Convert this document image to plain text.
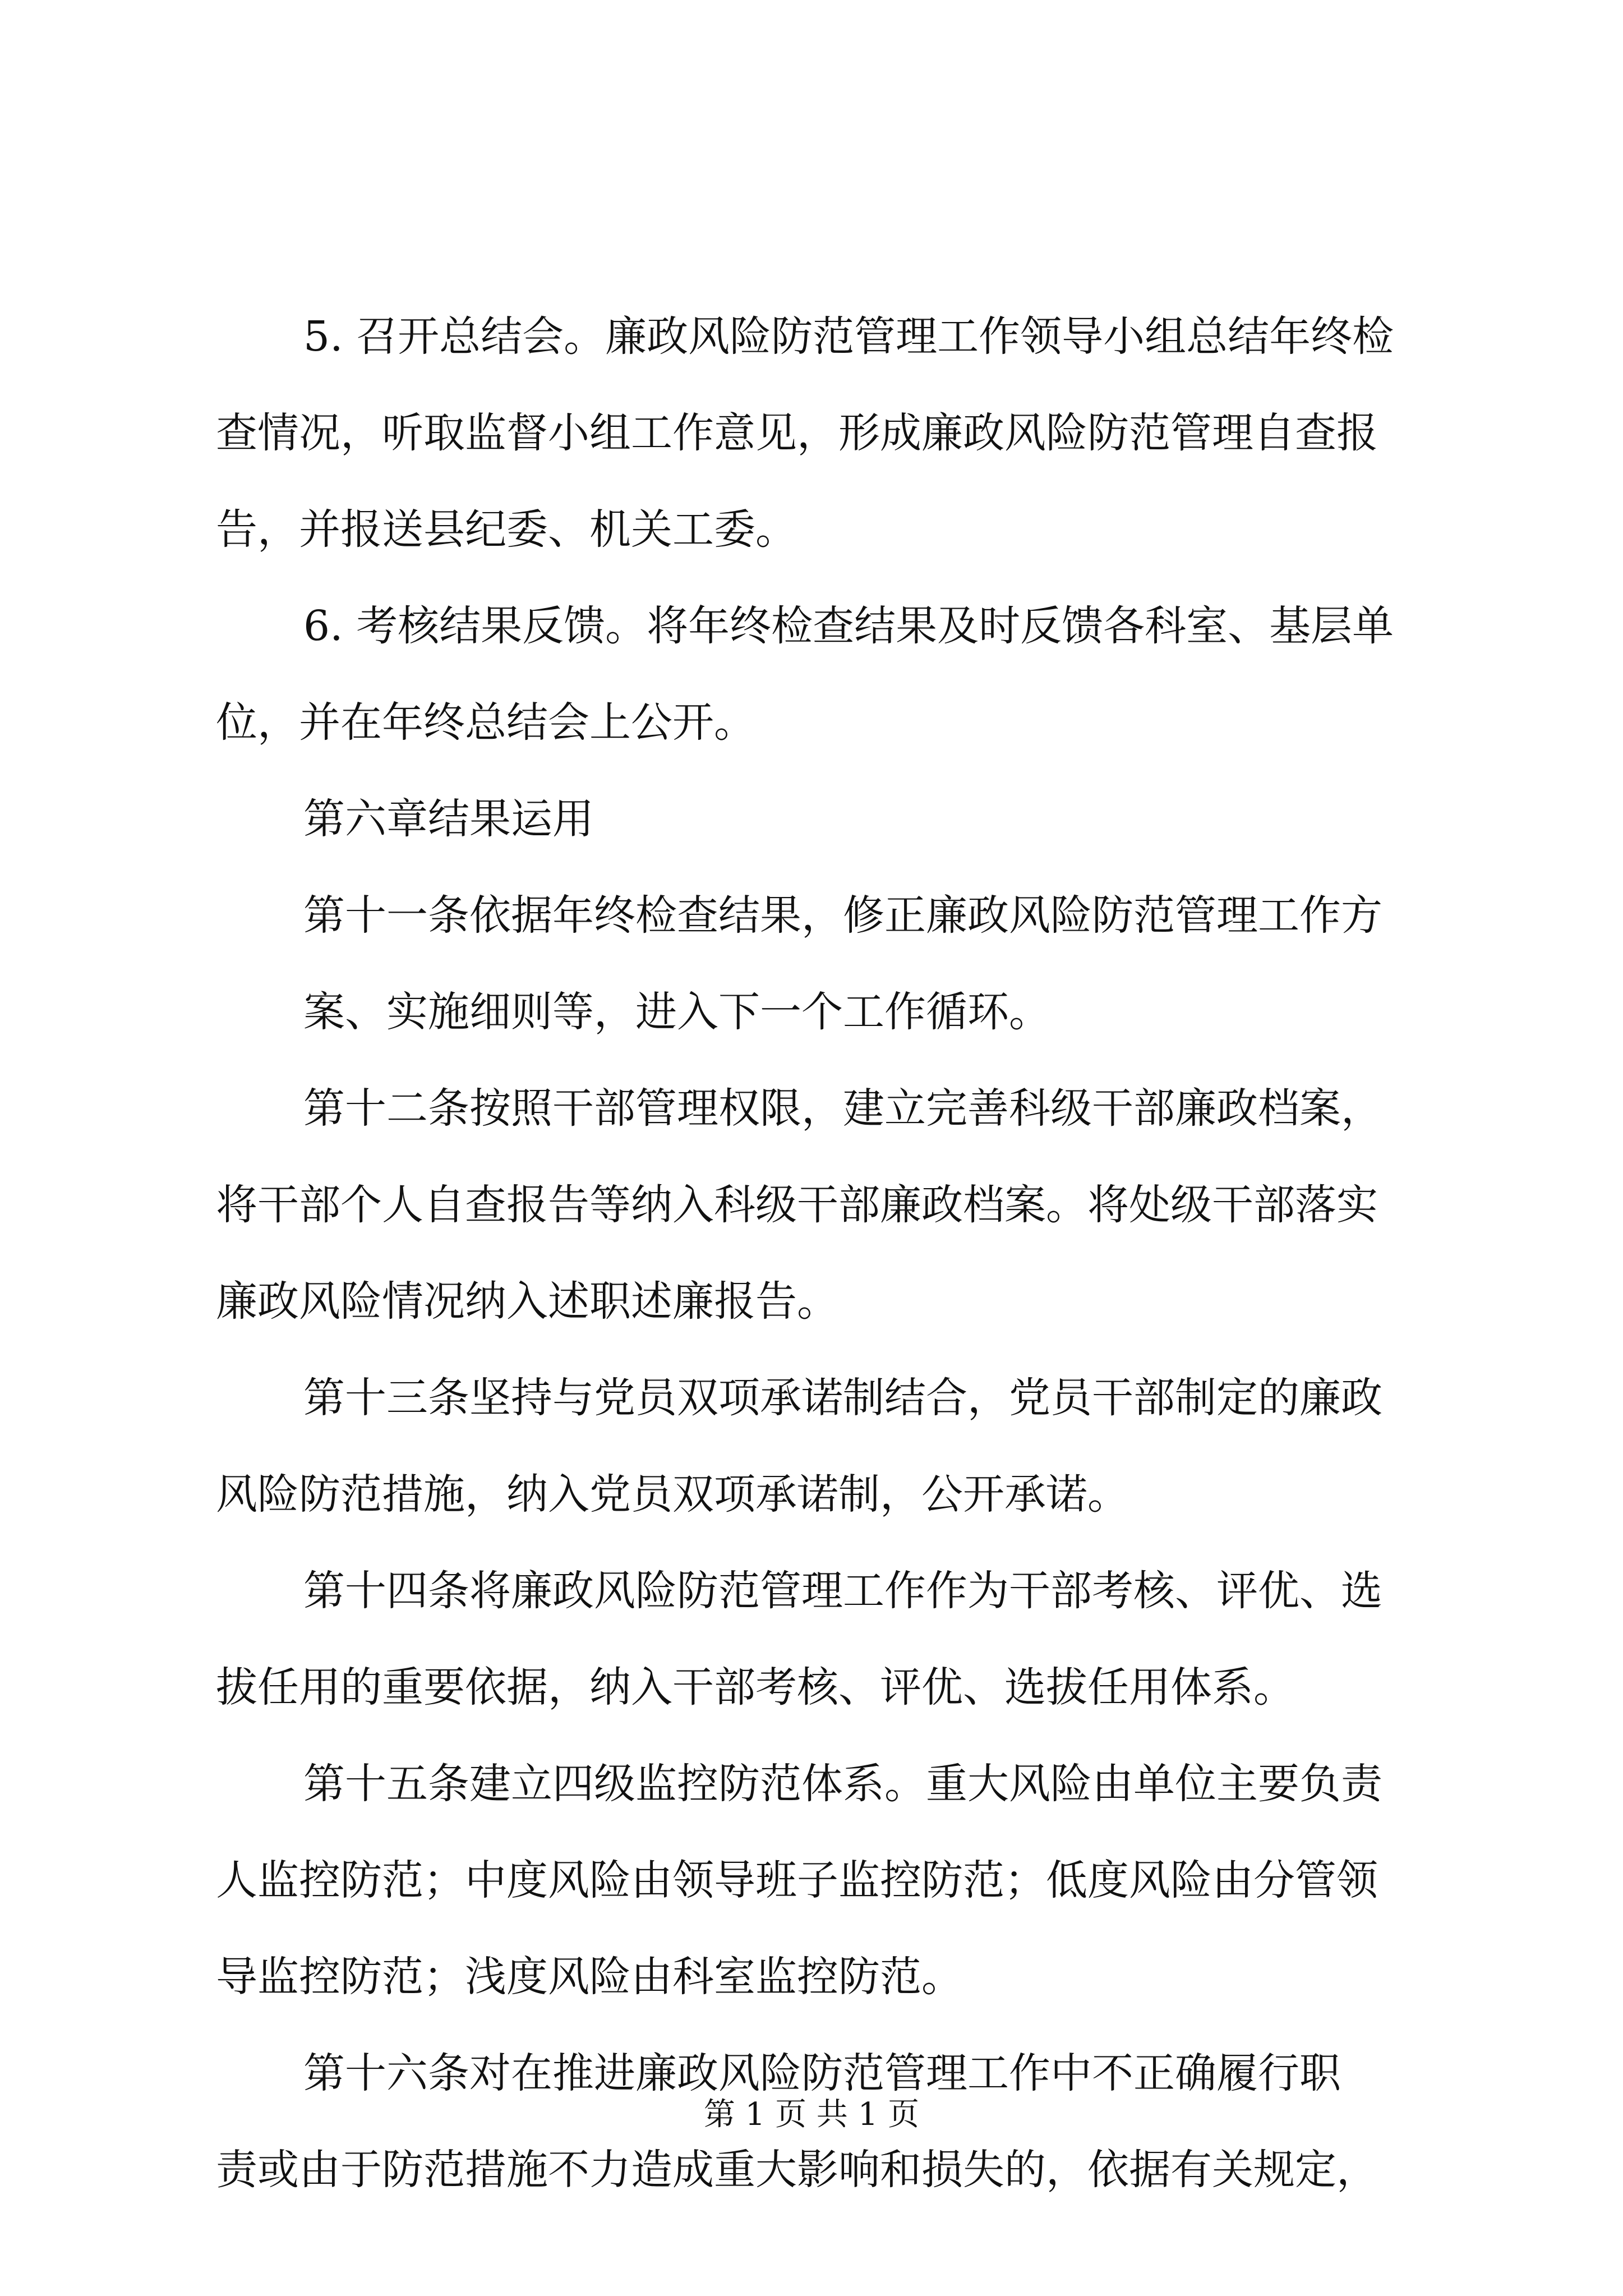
5. 召开总结会。廉政风险防范管理工作领导小组总结年终检
查情况，听取监督小组工作意见，形成廉政风险防范管理自查报
告，并报送县纪委、机关工委。
6. 考核结果反馈。将年终检查结果及时反馈各科室、基层单
位，并在年终总结会上公开。
第六章结果运用
第十一条依据年终检查结果，修正廉政风险防范管理工作方
案、实施细则等，进入下一个工作循环。
第十二条按照干部管理权限，建立完善科级干部廉政档案，
将干部个人自查报告等纳入科级干部廉政档案。将处级干部落实
廉政风险情况纳入述职述廉报告。
第十三条坚持与党员双项承诺制结合，党员干部制定的廉政
风险防范措施，纳入党员双项承诺制，公开承诺。
第十四条将廉政风险防范管理工作作为干部考核、评优、选
拔任用的重要依据，纳入干部考核、评优、选拔任用体系。
第十五条建立四级监控防范体系。重大风险由单位主要负责
人监控防范；中度风险由领导班子监控防范；低度风险由分管领
导监控防范；浅度风险由科室监控防范。
第十六条对在推进廉政风险防范管理工作中不正确履行职
责或由于防范措施不力造成重大影响和损失的，依据有关规定，
第 1 页 共 1 页
